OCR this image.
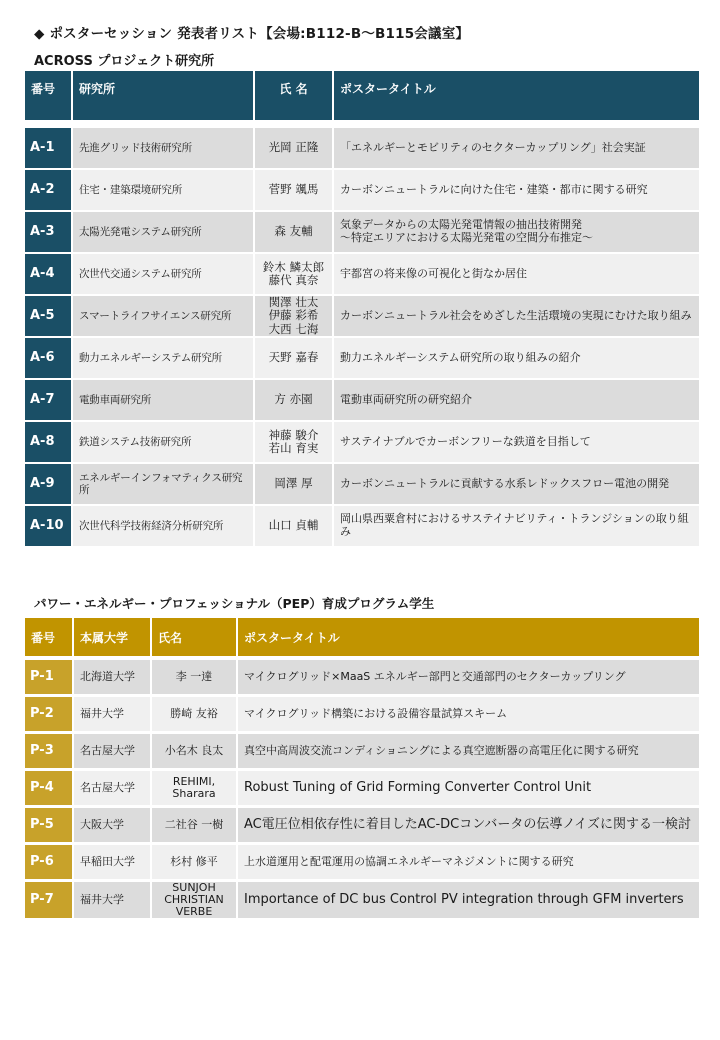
◆ ポスターセッション 発表者リスト【会場:B112-B～B115会議室】
ACROSS プロジェクト研究所
番号	研究所	氏 名	ポスタータイトル

A-1	先進グリッド技術研究所	光岡 正隆	「エネルギーとモビリティのセクターカップリング」社会実証
A-2	住宅・建築環境研究所	菅野 颯馬	カーボンニュートラルに向けた住宅・建築・都市に関する研究
A-3	太陽光発電システム研究所	森 友輔	気象データからの太陽光発電情報の抽出技術開発
～特定エリアにおける太陽光発電の空間分布推定～
A-4	次世代交通システム研究所	鈴木 鱗太郎
藤代 真奈	宇都宮の将来像の可視化と街なか居住
A-5	スマートライフサイエンス研究所	関澤 壮太
伊藤 彩希
大西 七海	カーボンニュートラル社会をめざした生活環境の実現にむけた取り組み
A-6	動力エネルギーシステム研究所	天野 嘉春	動力エネルギーシステム研究所の取り組みの紹介
A-7	電動車両研究所	方 亦園	電動車両研究所の研究紹介
A-8	鉄道システム技術研究所	神藤 駿介
若山 育実	サステイナブルでカーボンフリーな鉄道を目指して
A-9	エネルギーインフォマティクス研究所	岡澤 厚	カーボンニュートラルに貢献する水系レドックスフロー電池の開発
A-10	次世代科学技術経済分析研究所	山口 貞輔	岡山県西粟倉村におけるサステイナビリティ・トランジションの取り組み
パワー・エネルギー・プロフェッショナル（PEP）育成プログラム学生
番号	本属大学	氏名	ポスタータイトル
P-1	北海道大学	李 一達	マイクログリッド×MaaS エネルギー部門と交通部門のセクターカップリング
P-2	福井大学	勝崎 友裕	マイクログリッド構築における設備容量試算スキーム
P-3	名古屋大学	小名木 良太	真空中高周波交流コンディショニングによる真空遮断器の高電圧化に関する研究
P-4	名古屋大学	REHIMI,
Sharara	Robust Tuning of Grid Forming Converter Control Unit
P-5	大阪大学	二社谷 一樹	AC電圧位相依存性に着目したAC-DCコンバータの伝導ノイズに関する一検討
P-6	早稲田大学	杉村 修平	上水道運用と配電運用の協調エネルギーマネジメントに関する研究
P-7	福井大学	SUNJOH
CHRISTIAN
VERBE	Importance of DC bus Control PV integration through GFM inverters
